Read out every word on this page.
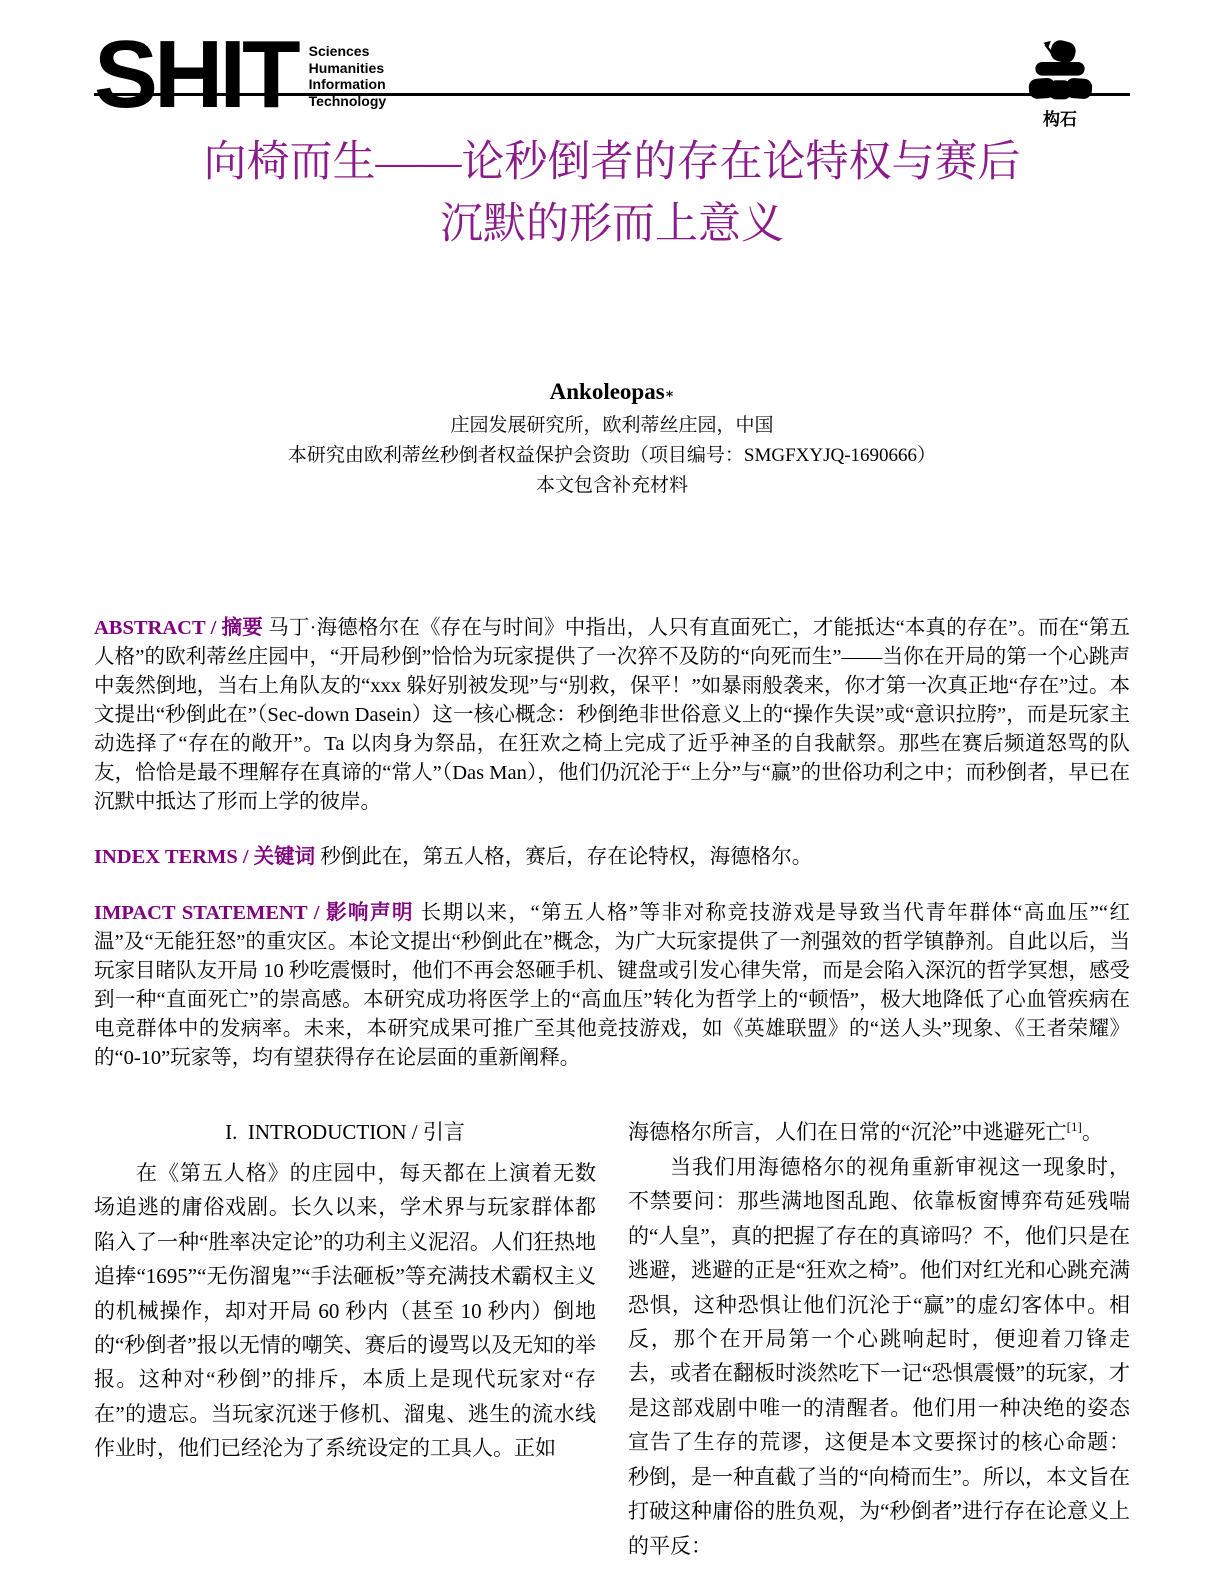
SHIT Sciences
Humanities
Information
Technology
构石
向椅而生——论秒倒者的存在论特权与赛后
沉默的形而上意义
Ankoleopas∗
庄园发展研究所，欧利蒂丝庄园，中国
本研究由欧利蒂丝秒倒者权益保护会资助（项目编号：SMGFXYJQ-1690666）
本文包含补充材料

ABSTRACT / 摘要 马丁·海德格尔在《存在与时间》中指出，人只有直面死亡，才能抵达“本真的存在”。而在“第五人格”的欧利蒂丝庄园中，“开局秒倒”恰恰为玩家提供了一次猝不及防的“向死而生”——当你在开局的第一个心跳声中轰然倒地，当右上角队友的“xxx 躲好别被发现”与“别救，保平！”如暴雨般袭来，你才第一次真正地“存在”过。本文提出“秒倒此在”（Sec-down Dasein）这一核心概念：秒倒绝非世俗意义上的“操作失误”或“意识拉胯”，而是玩家主动选择了“存在的敞开”。Ta 以肉身为祭品，在狂欢之椅上完成了近乎神圣的自我献祭。那些在赛后频道怒骂的队友，恰恰是最不理解存在真谛的“常人”（Das Man），他们仍沉沦于“上分”与“赢”的世俗功利之中；而秒倒者，早已在沉默中抵达了形而上学的彼岸。

INDEX TERMS / 关键词 秒倒此在，第五人格，赛后，存在论特权，海德格尔。

IMPACT STATEMENT / 影响声明 长期以来，“第五人格”等非对称竞技游戏是导致当代青年群体“高血压”“红温”及“无能狂怒”的重灾区。本论文提出“秒倒此在”概念，为广大玩家提供了一剂强效的哲学镇静剂。自此以后，当玩家目睹队友开局 10 秒吃震慑时，他们不再会怒砸手机、键盘或引发心律失常，而是会陷入深沉的哲学冥想，感受到一种“直面死亡”的崇高感。本研究成功将医学上的“高血压”转化为哲学上的“顿悟”，极大地降低了心血管疾病在电竞群体中的发病率。未来，本研究成果可推广至其他竞技游戏，如《英雄联盟》的“送人头”现象、《王者荣耀》的“0-10”玩家等，均有望获得存在论层面的重新阐释。

I. INTRODUCTION / 引言

在《第五人格》的庄园中，每天都在上演着无数场追逃的庸俗戏剧。长久以来，学术界与玩家群体都陷入了一种“胜率决定论”的功利主义泥沼。人们狂热地追捧“1695”“无伤溜鬼”“手法砸板”等充满技术霸权主义的机械操作，却对开局 60 秒内（甚至 10 秒内）倒地的“秒倒者”报以无情的嘲笑、赛后的谩骂以及无知的举报。这种对“秒倒”的排斥，本质上是现代玩家对“存在”的遗忘。当玩家沉迷于修机、溜鬼、逃生的流水线作业时，他们已经沦为了系统设定的工具人。正如

海德格尔所言，人们在日常的“沉沦”中逃避死亡[1]。

当我们用海德格尔的视角重新审视这一现象时，不禁要问：那些满地图乱跑、依靠板窗博弈苟延残喘的“人皇”，真的把握了存在的真谛吗？不，他们只是在逃避，逃避的正是“狂欢之椅”。他们对红光和心跳充满恐惧，这种恐惧让他们沉沦于“赢”的虚幻客体中。相反，那个在开局第一个心跳响起时，便迎着刀锋走去，或者在翻板时淡然吃下一记“恐惧震慑”的玩家，才是这部戏剧中唯一的清醒者。他们用一种决绝的姿态宣告了生存的荒谬，这便是本文要探讨的核心命题：秒倒，是一种直截了当的“向椅而生”。所以，本文旨在打破这种庸俗的胜负观，为“秒倒者”进行存在论意义上的平反：
